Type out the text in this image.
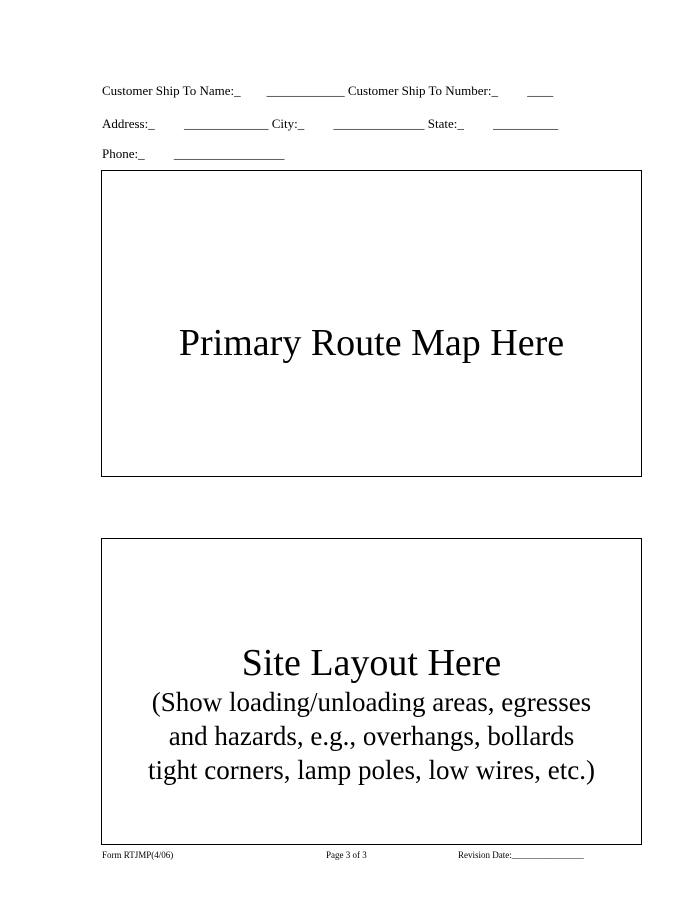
Customer Ship To Name:_        ____________ Customer Ship To Number:_         ____
Address:_         _____________ City:_         ______________ State:_         __________
Phone:_         _________________
Primary Route Map Here
Site Layout Here
(Show loading/unloading areas, egresses
and hazards, e.g., overhangs, bollards
tight corners, lamp poles, low wires, etc.)
Form RTJMP(4/06)	Page 3 of 3	Revision Date:________________
